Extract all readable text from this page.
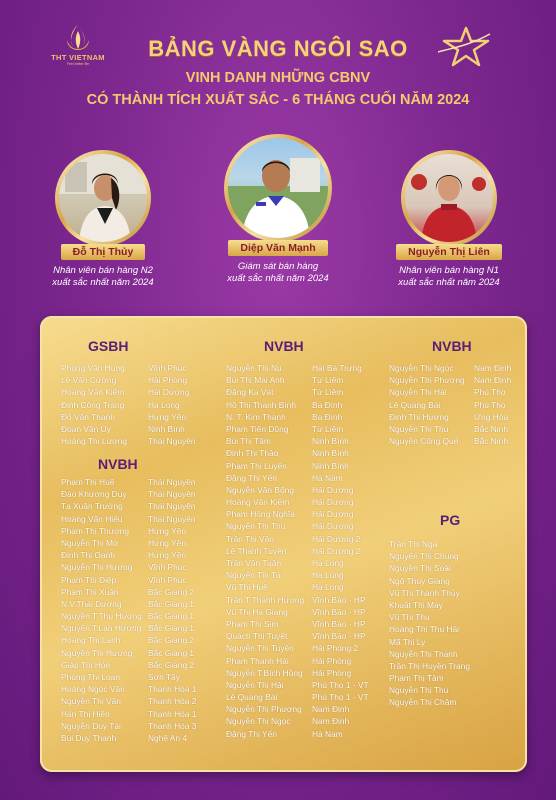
THT VIETNAM
Feel better life
BẢNG VÀNG NGÔI SAO
VINH DANH NHỮNG CBNV
CÓ THÀNH TÍCH XUẤT SẮC - 6 THÁNG CUỐI NĂM 2024
Đỗ Thị Thủy
Nhân viên bán hàng N2
xuất sắc nhất năm 2024
Diệp Văn Mạnh
Giám sát bán hàng
xuất sắc nhất năm 2024
Nguyễn Thị Liên
Nhân viên bán hàng N1
xuất sắc nhất năm 2024
GSBH
Phùng Văn Hùng
Lê Văn Cường
Hoàng Văn Kiểm
Đinh Công Trang
Đỗ Văn Thanh
Đoàn Văn Úy
Hoàng Thị Lương
Vĩnh Phúc
Hải Phòng
Hải Dương
Hạ Long
Hưng Yên
Ninh Bình
Thái Nguyên
NVBH
Phạm Thị Huệ
Đào Khương Duy
Tạ Xuân Trường
Hoàng Văn Hiếu
Phạm Thị Thương
Nguyễn Thị Mơ
Đinh Thị Oanh
Nguyễn Thị Hương
Phạm Thị Diệp
Phạm Thị Xuân
N.V.Thái Dương
Nguyễn T.Thu Hương
Nguyễn T.Lan Hương
Hoàng Thị Lành
Nguyễn Thị Hương
Giáp Thị Hòe
Phùng Thị Loan
Hoàng Ngọc Văn
Nguyễn Thị Vân
Hán Thị Hiền
Nguyễn Duy Tài
Bùi Duy Thanh
Thái Nguyên
Thái Nguyên
Thái Nguyên
Thái Nguyên
Hưng Yên
Hưng Yên
Hưng Yên
Vĩnh Phúc
Vĩnh Phúc
Bắc Giang 2
Bắc Giang 1
Bắc Giang 1
Bắc Giang 1
Bắc Giang 2
Bắc Giang 1
Bắc Giang 2
Sơn Tây
Thanh Hóa 1
Thanh Hóa 2
Thanh Hóa 1
Thanh Hóa 3
Nghệ An 4
NVBH
Nguyễn Thị Nụ
Bùi Thị Mai Anh
Đặng Ka Vát
Hồ Thị Thanh Bình
N. T. Kim Thanh
Phạm Tiến Dũng
Bùi Thị Tâm
Đinh Thị Thảo
Phạm Thị Luyến
Đặng Thị Yến
Nguyễn Văn Bổng
Hoàng Văn Kiệm
Phạm Hồng Nghĩa
Nguyễn Thị Thu
Trần Thị Vân
Lê Thanh Tuyền
Trần Văn Tuân
Nguyễn Thị Tú
Vũ Thị Huệ
Trần T.Thanh Hương
Vũ Thị Hà Giang
Phạm Thị Sim
Quách Thị Tuyết
Nguyễn Thị Tuyến
Phạm Thanh Hải
Nguyễn T.Bích Hồng
Nguyễn Thị Hải
Lê Quang Bái
Nguyễn Thị Phượng
Nguyễn Thị Ngọc
Đặng Thị Yến
Hai Bà Trưng
Từ Liêm
Từ Liêm
Ba Đình
Ba Đình
Từ Liêm
Ninh Bình
Ninh Bình
Ninh Bình
Hà Nam
Hải Dương
Hải Dương
Hải Dương
Hải Dương
Hải Dương 2
Hải Dương 2
Hạ Long
Hạ Long
Hạ Long
Vĩnh Bảo - HP
Vĩnh Bảo - HP
Vĩnh Bảo - HP
Vĩnh Bảo - HP
Hải Phòng 2
Hải Phòng
Hải Phòng
Phú Thọ 1 - VT
Phú Thọ 1 - VT
Nam Định
Nam Định
Hà Nam
NVBH
Nguyễn Thị Ngọc
Nguyễn Thị Phượng
Nguyễn Thị Hải
Lê Quang Bái
Đinh Thị Hương
Nguyễn Thị Thu
Nguyễn Công Quế
Nam Định
Nam Định
Phú Thọ
Phú Thọ
Ứng Hòa
Bắc Ninh
Bắc Ninh
PG
Trần Thị Nga
Nguyễn Thị Chung
Nguyễn Thị Soài
Ngô Thúy Giang
Vũ Thị Thanh Thủy
Khuất Thị May
Vũ Thị Thu
Hoàng Thị Thu Hải
Mã Thị Ly
Nguyễn Thị Thanh
Trần Thị Huyền Trang
Phạm Thị Tâm
Nguyễn Thị Thu
Nguyễn Thị Châm
